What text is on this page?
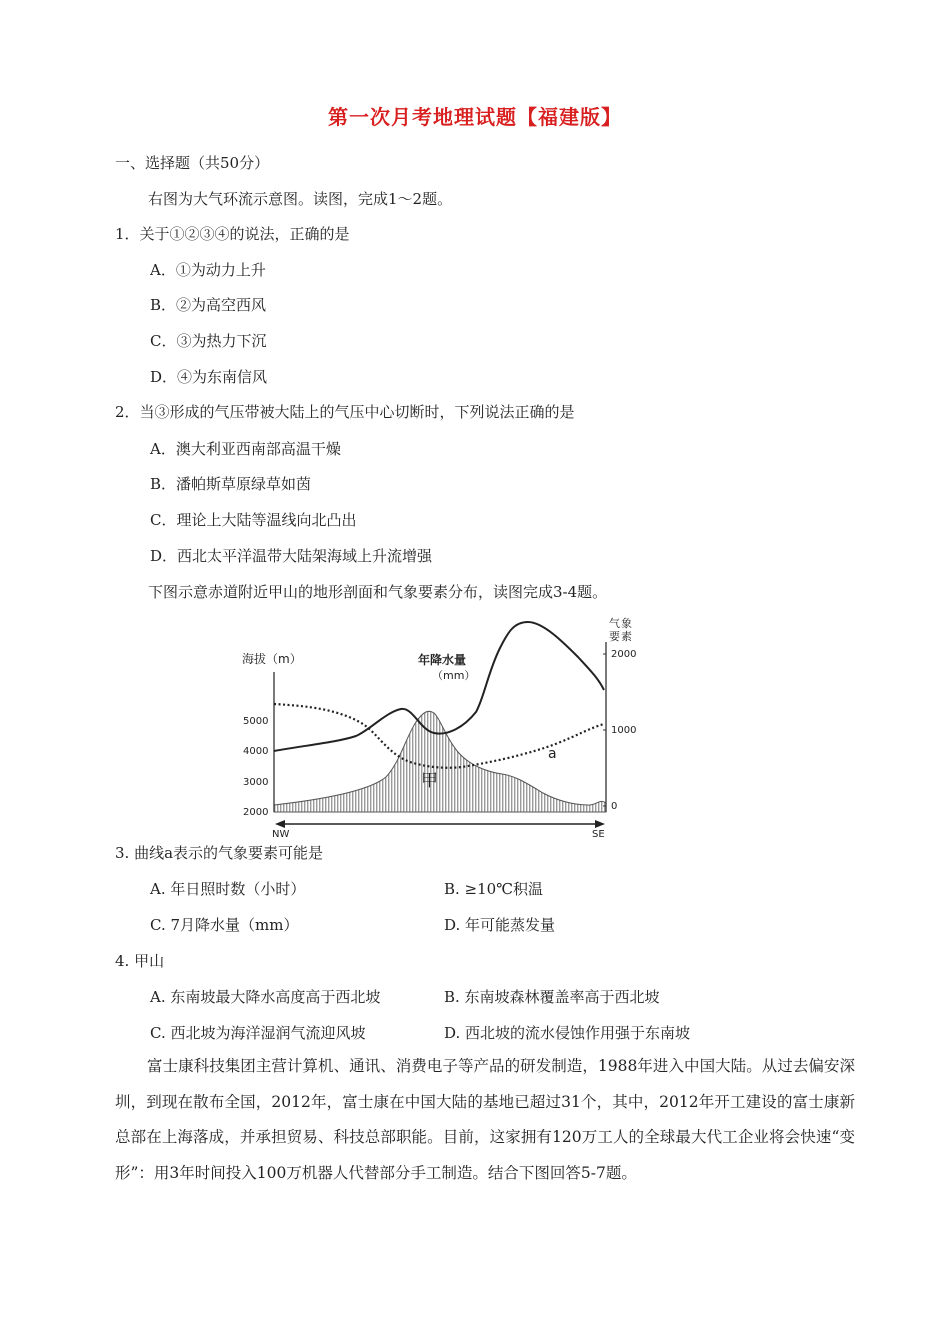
第一次月考地理试题【福建版】
一、选择题（共50分）
右图为大气环流示意图。读图，完成1～2题。
1．关于①②③④的说法，正确的是
A．①为动力上升
B．②为高空西风
C．③为热力下沉
D．④为东南信风
2．当③形成的气压带被大陆上的气压中心切断时，下列说法正确的是
A．澳大利亚西南部高温干燥
B．潘帕斯草原绿草如茵
C．理论上大陆等温线向北凸出
D．西北太平洋温带大陆架海域上升流增强
下图示意赤道附近甲山的地形剖面和气象要素分布，读图完成3-4题。
海拔（m）
5000
4000
3000
2000
气 象
要 素
2000
1000
0
年降水量
（mm）
a
甲
NW	SE
3. 曲线a表示的气象要素可能是
A. 年日照时数（小时）	B. ≥10℃积温
C. 7月降水量（mm）	D. 年可能蒸发量
4. 甲山
A. 东南坡最大降水高度高于西北坡	B. 东南坡森林覆盖率高于西北坡
C. 西北坡为海洋湿润气流迎风坡	D. 西北坡的流水侵蚀作用强于东南坡
富士康科技集团主营计算机、通讯、消费电子等产品的研发制造，1988年进入中国大陆。从过去偏安深圳，到现在散布全国，2012年，富士康在中国大陆的基地已超过31个，其中，2012年开工建设的富士康新总部在上海落成，并承担贸易、科技总部职能。目前，这家拥有120万工人的全球最大代工企业将会快速“变形”：用3年时间投入100万机器人代替部分手工制造。结合下图回答5-7题。
